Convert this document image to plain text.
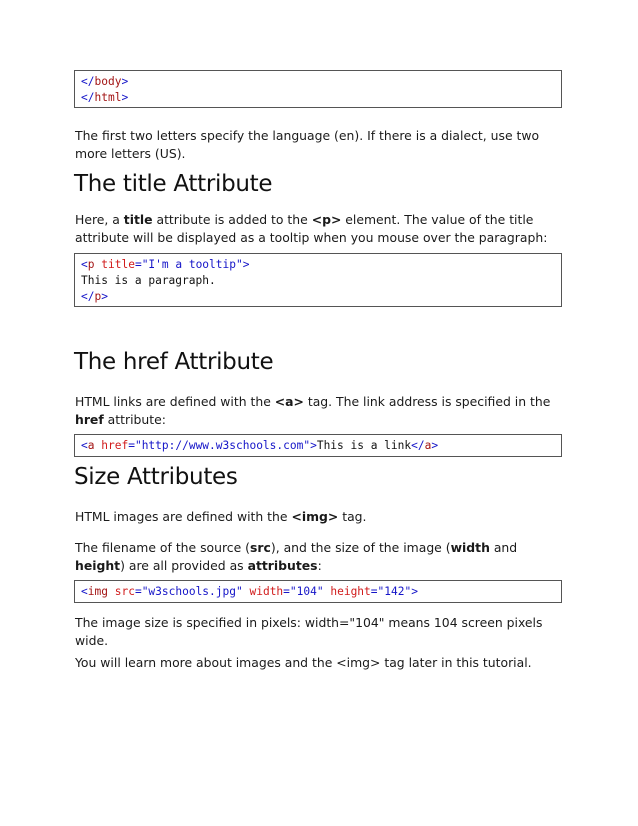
</body>
</html>
The first two letters specify the language (en). If there is a dialect, use two more letters (US).
The title Attribute
Here, a title attribute is added to the <p> element. The value of the title attribute will be displayed as a tooltip when you mouse over the paragraph:
<p title="I'm a tooltip">
This is a paragraph.
</p>
The href Attribute
HTML links are defined with the <a> tag. The link address is specified in the href attribute:
<a href="http://www.w3schools.com">This is a link</a>
Size Attributes
HTML images are defined with the <img> tag.
The filename of the source (src), and the size of the image (width and height) are all provided as attributes:
<img src="w3schools.jpg" width="104" height="142">
The image size is specified in pixels: width="104" means 104 screen pixels wide.
You will learn more about images and the <img> tag later in this tutorial.
